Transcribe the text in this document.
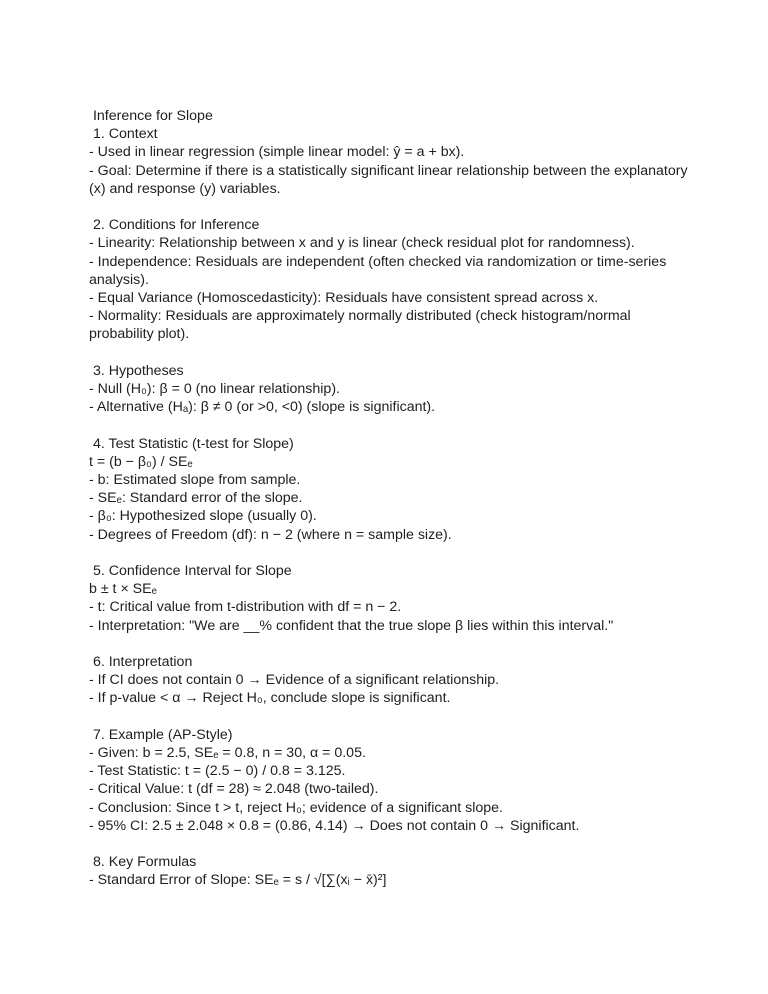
Inference for Slope
1. Context
- Used in linear regression (simple linear model: ŷ = a + bx).
- Goal: Determine if there is a statistically significant linear relationship between the explanatory (x) and response (y) variables.
2. Conditions for Inference
- Linearity: Relationship between x and y is linear (check residual plot for randomness).
- Independence: Residuals are independent (often checked via randomization or time-series analysis).
- Equal Variance (Homoscedasticity): Residuals have consistent spread across x.
- Normality: Residuals are approximately normally distributed (check histogram/normal probability plot).
3. Hypotheses
- Null (H₀): β = 0 (no linear relationship).
- Alternative (Hₐ): β ≠ 0 (or >0, <0) (slope is significant).
4. Test Statistic (t-test for Slope)
t = (b − β₀) / SEₑ
- b: Estimated slope from sample.
- SEₑ: Standard error of the slope.
- β₀: Hypothesized slope (usually 0).
- Degrees of Freedom (df): n − 2 (where n = sample size).
5. Confidence Interval for Slope
b ± t × SEₑ
- t: Critical value from t-distribution with df = n − 2.
- Interpretation: "We are __% confident that the true slope β lies within this interval."
6. Interpretation
- If CI does not contain 0 → Evidence of a significant relationship.
- If p-value < α → Reject H₀, conclude slope is significant.
7. Example (AP-Style)
- Given: b = 2.5, SEₑ = 0.8, n = 30, α = 0.05.
- Test Statistic: t = (2.5 − 0) / 0.8 = 3.125.
- Critical Value: t (df = 28) ≈ 2.048 (two-tailed).
- Conclusion: Since t > t, reject H₀; evidence of a significant slope.
- 95% CI: 2.5 ± 2.048 × 0.8 = (0.86, 4.14) → Does not contain 0 → Significant.
8. Key Formulas
- Standard Error of Slope: SEₑ = s / √[∑(xᵢ − x̄)²]
